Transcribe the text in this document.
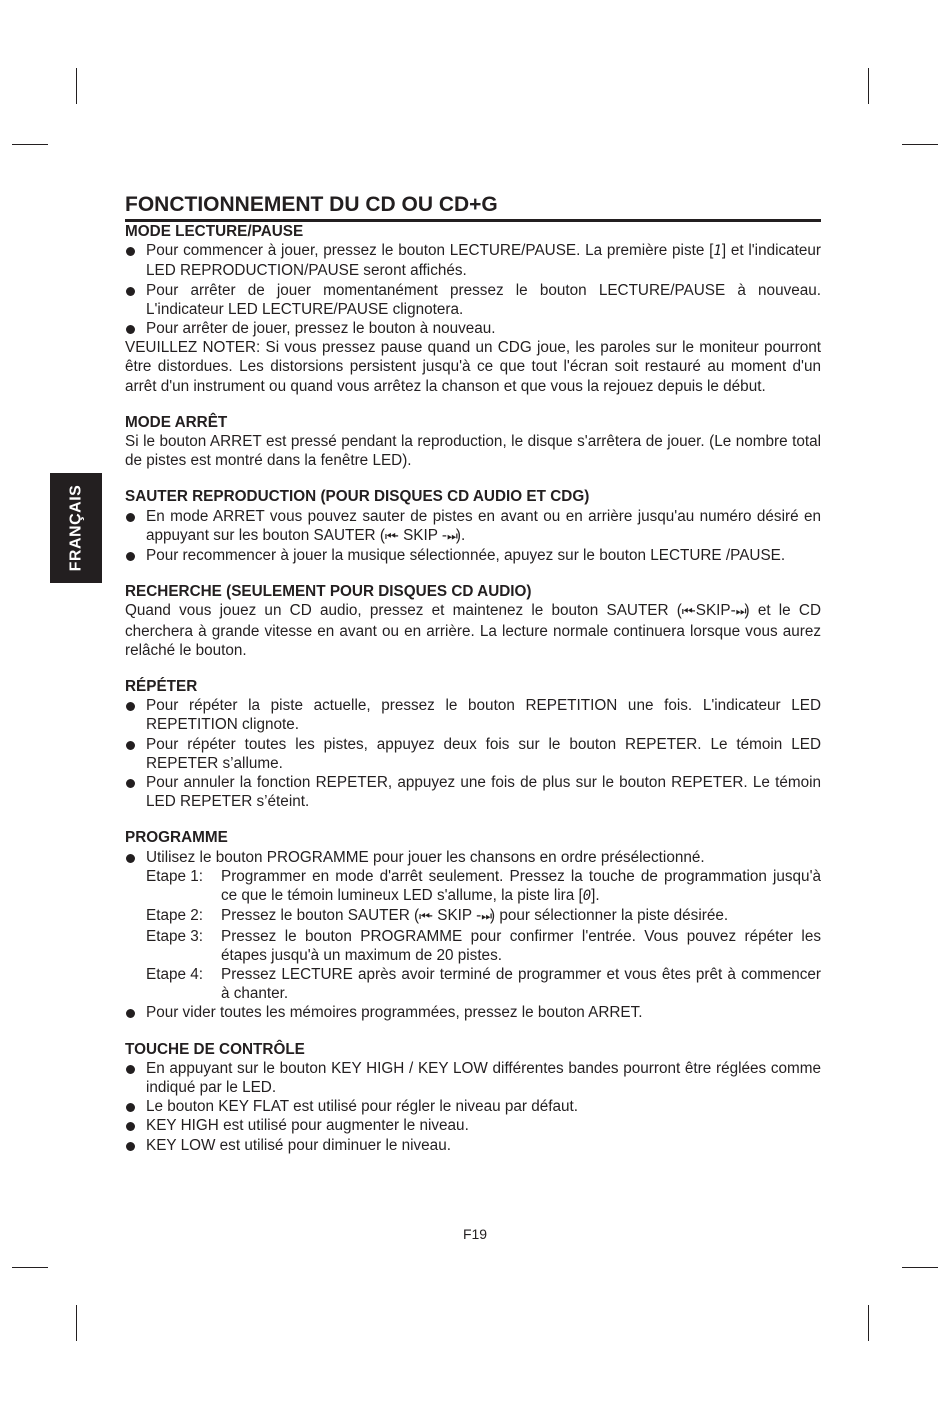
FRANÇAIS
FONCTIONNEMENT DU CD OU CD+G
MODE LECTURE/PAUSE
Pour commencer à jouer, pressez le bouton LECTURE/PAUSE. La première piste [1] et l'indicateur LED REPRODUCTION/PAUSE seront affichés.
Pour arrêter de jouer momentanément pressez le bouton LECTURE/PAUSE à nouveau. L'indicateur LED LECTURE/PAUSE clignotera.
Pour arrêter de jouer, pressez le bouton à nouveau.
VEUILLEZ NOTER: Si vous pressez pause quand un CDG joue, les paroles sur le moniteur pourront être distordues. Les distorsions persistent jusqu'à ce que tout l'écran soit restauré au moment d'un arrêt d'un instrument ou quand vous arrêtez la chanson et que vous la rejouez depuis le début.
MODE ARRÊT
Si le bouton ARRET est pressé pendant la reproduction, le disque s'arrêtera de jouer. (Le nombre total de pistes est montré dans la fenêtre LED).
SAUTER REPRODUCTION (POUR DISQUES CD AUDIO ET CDG)
En mode ARRET vous pouvez sauter de pistes en avant ou en arrière jusqu'au numéro désiré en appuyant sur les bouton SAUTER (⏮- SKIP -⏭).
Pour recommencer à jouer la musique sélectionnée, apuyez sur le bouton LECTURE /PAUSE.
RECHERCHE (SEULEMENT POUR DISQUES CD AUDIO)
Quand vous jouez un CD audio, pressez et maintenez le bouton SAUTER (⏮-SKIP-⏭) et le CD cherchera à grande vitesse en avant ou en arrière. La lecture normale continuera lorsque vous aurez relâché le bouton.
RÉPÉTER
Pour répéter la piste actuelle, pressez le bouton REPETITION une fois. L'indicateur LED REPETITION clignote.
Pour répéter toutes les pistes, appuyez deux fois sur le bouton REPETER. Le témoin LED REPETER s’allume.
Pour annuler la fonction REPETER, appuyez une fois de plus sur le bouton REPETER. Le témoin LED REPETER s’éteint.
PROGRAMME
Utilisez le bouton PROGRAMME pour jouer les chansons en ordre présélectionné.
Etape 1:	Programmer en mode d'arrêt seulement. Pressez la touche de programmation jusqu'à ce que le témoin lumineux LED s'allume, la piste lira [0].
Etape 2:	Pressez le bouton SAUTER (⏮- SKIP -⏭) pour sélectionner la piste désirée.
Etape 3:	Pressez le bouton PROGRAMME pour confirmer l'entrée. Vous pouvez répéter les étapes jusqu'à un maximum de 20 pistes.
Etape 4:	Pressez LECTURE après avoir terminé de programmer et vous êtes prêt à commencer à chanter.
Pour vider toutes les mémoires programmées, pressez le bouton ARRET.
TOUCHE DE CONTRÔLE
En appuyant sur le bouton KEY HIGH / KEY LOW différentes bandes pourront être réglées comme indiqué par le LED.
Le bouton KEY FLAT est utilisé pour régler le niveau par défaut.
KEY HIGH est utilisé pour augmenter le niveau.
KEY LOW est utilisé pour diminuer le niveau.
F19
